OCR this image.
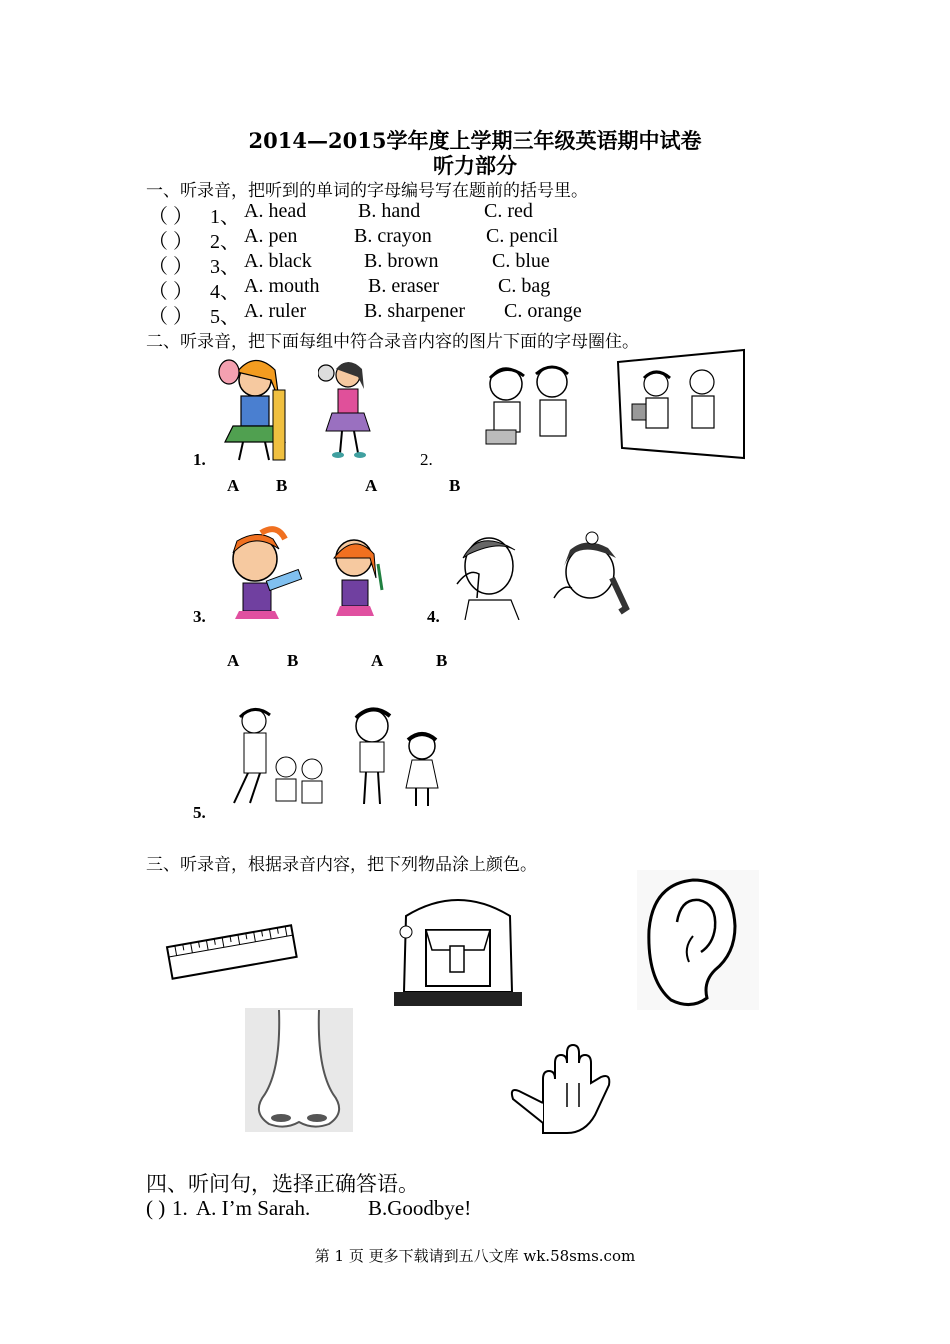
2014—2015学年度上学期三年级英语期中试卷
听力部分
一、听录音，把听到的单词的字母编号写在题前的括号里。
（ ） 1、 A. head	B. hand	C. red
（ ） 2、 A. pen	B. crayon	C. pencil
（ ） 3、 A. black	B. brown	C. blue
（ ） 4、 A. mouth B. eraser	C. bag
（ ） 5、 A. ruler	B. sharpener C. orange
二、听录音，把下面每组中符合录音内容的图片下面的字母圈住。
1.
A B
2.
A	B
3.
A	B
4.
A	B
5.
三、听录音，根据录音内容，把下列物品涂上颜色。
四、听问句，选择正确答语。
( ) 1. A. I’m Sarah.	B.Goodbye!
第 1 页 更多下载请到五八文库 wk.58sms.com
